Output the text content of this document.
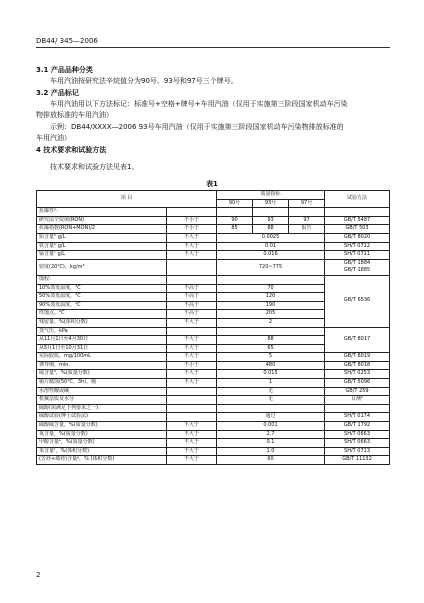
DB44/ 345—2006
3.1 产品品种分类
车用汽油按研究法辛烷值分为90号、93号和97号三个牌号。
3.2 产品标记
车用汽油用以下方法标记：标准号+空格+牌号+车用汽油（仅用于实施第三阶段国家机动车污染
物排放标准的车用汽油）
示例：DB44/XXXX—2006 93号车用汽油（仅用于实施第三阶段国家机动车污染物排放标准的
车用汽油）
4 技术要求和试验方法
技术要求和试验方法见表1。
表1
项 目		质量指标			试验方法
		90号	93号	97号	
抗爆性ᵃ：					
研究法辛烷值(RON)	不小于	90	93	97	GB/T 5487
抗爆指数(RON+MON)/2	不小于	85	88	报告	GB/T 503
铅含量ᵇ g/L	不大于	0.0025			GB/T 8020
铁含量ᵇ g/L	不大于	0.01			SH/T 0712
锰含量ᶜ g/L	不大于	0.016			SH/T 0711
密度(20℃)，kg/m³		720~775			GB/T 1884
GB/T 1885
馏程：					GB/T 6536
10%蒸发温度，℃	不高于	70			
50%蒸发温度，℃	不高于	120			
90%蒸发温度，℃	不高于	190			
终馏点，℃	不高于	205			
残留量，%(体积分数)	不大于	2			
蒸气压，kPa					GB/T 8017
从11月1日至4月30日	不大于	88			
从5月1日至10月31日	不大于	65			
实际胶质，mg/100mL	不大于	5			GB/T 8019
诱导期，min.	不小于	480			GB/T 8018
硫含量ᵈ，%(质量分数)	不大于	0.015			SH/T 0253
铜片腐蚀(50℃，3h)，级	不大于	1			GB/T 5096
水溶性酸或碱		无			GB/T 259
机械杂质及水分		无			目测ᵉ
硫醇(需满足下列要求之一)：					
硫醇试验(博士试验法)		通过			SH/T 0174
硫醇硫含量，%(质量分数)	不大于	0.001			GB/T 1792
氧含量，%(质量分数)	不大于	2.7			SH/T 0663
甲醇含量ᵃ，%(质量分数)	不大于	0.1			SH/T 0663
苯含量ᶠ，%(体积分数)	不大于	1.0			SH/T 0713
(芳烃+烯烃)含量ᵍ，% (体积分数)	不大于	60			GB/T 11132
2
